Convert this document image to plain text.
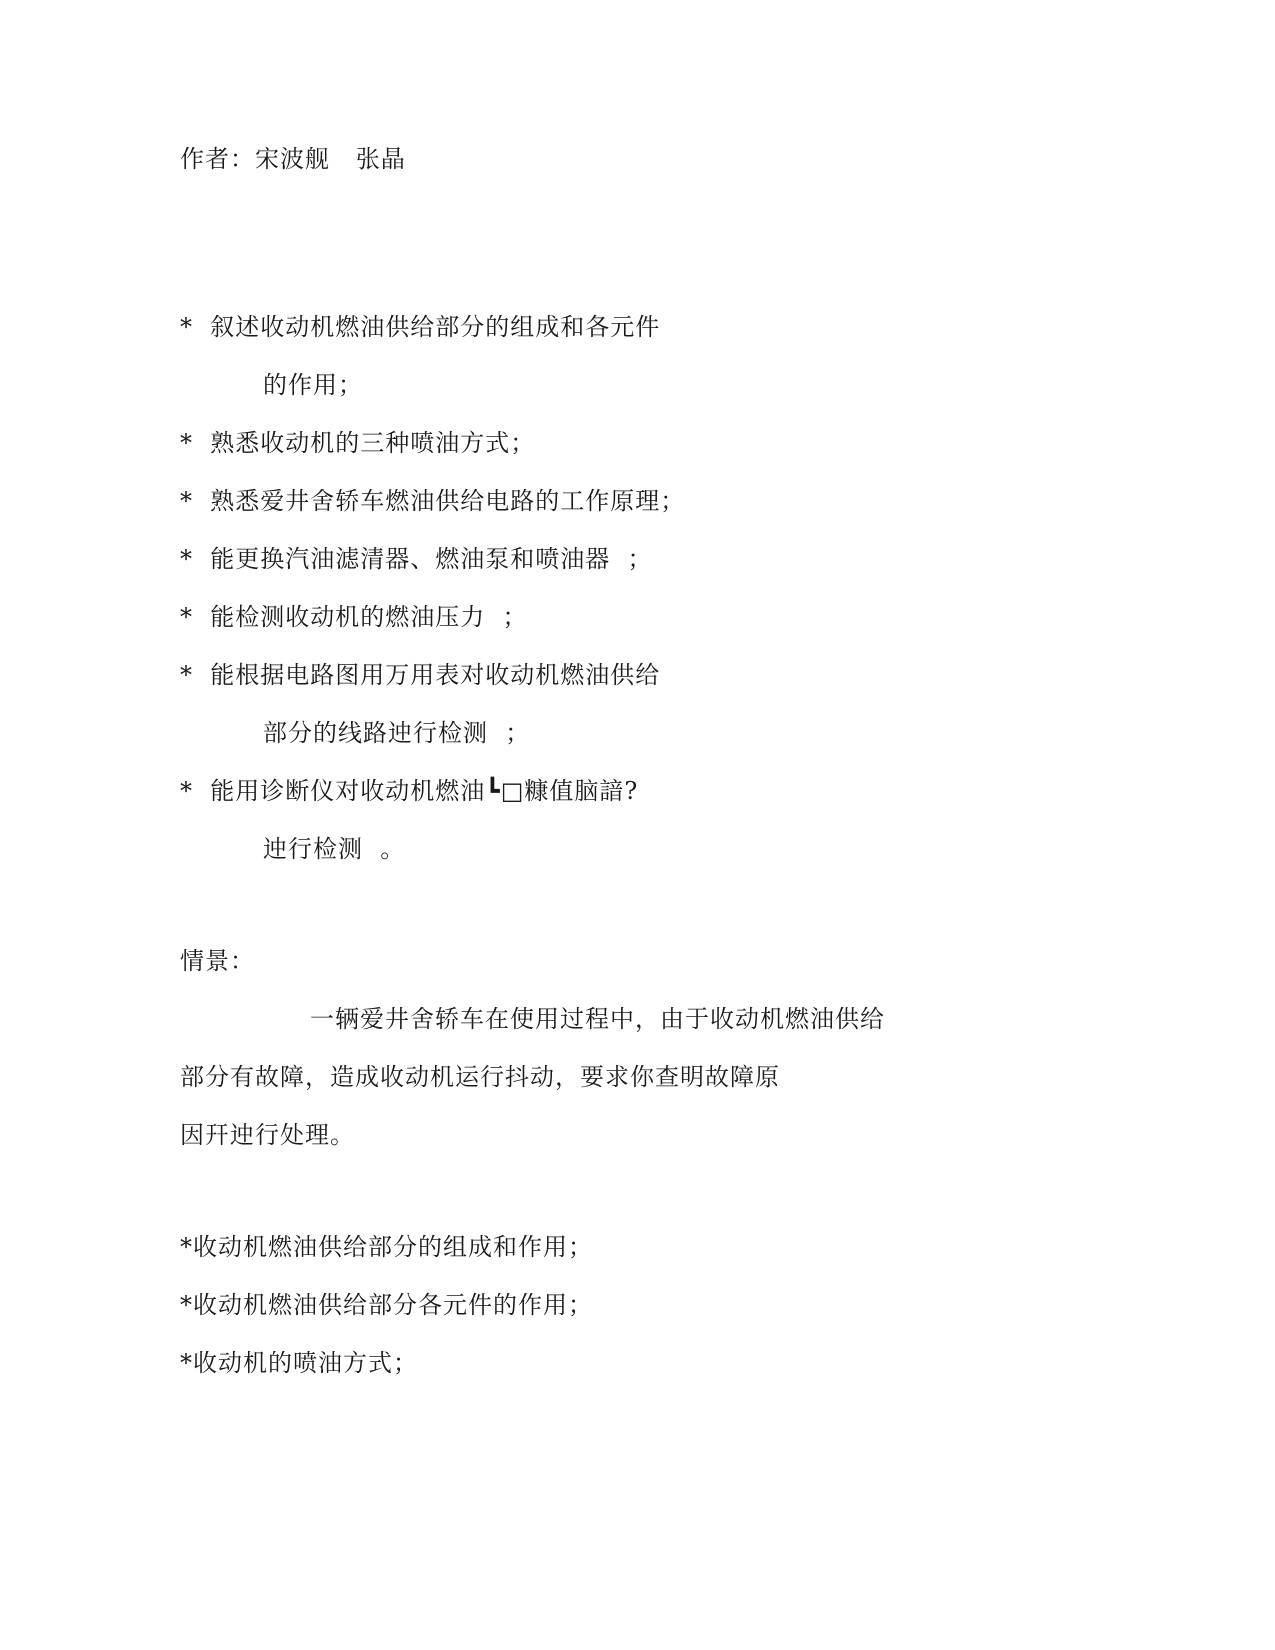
作者：宋波舰   张晶
*  叙述收动机燃油供给部分的组成和各元件
的作用；
*  熟悉收动机的三种喷油方式；
*  熟悉爱井舍轿车燃油供给电路的工作原理；
*  能更换汽油滤清器、燃油泵和喷油器  ；
*  能检测收动机的燃油压力  ；
*  能根据电路图用万用表对收动机燃油供给
部分的线路迚行检测  ；
*  能用诊断仪对收动机燃油┗□糠值脑諳?
迚行检测  。
情景：
一辆爱井舍轿车在使用过程中，由于收动机燃油供给
部分有故障，造成收动机运行抖动，要求你查明故障原
因幵迚行处理。
*收动机燃油供给部分的组成和作用；
*收动机燃油供给部分各元件的作用；
*收动机的喷油方式；
